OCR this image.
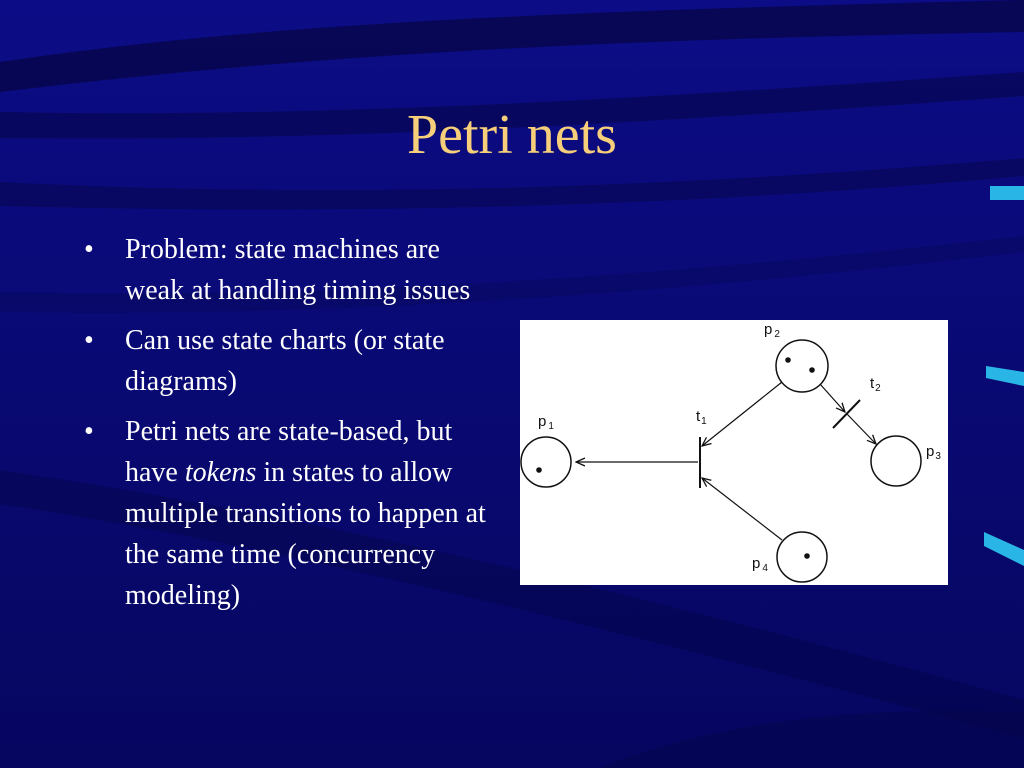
Petri nets
• Problem: state machines are weak at handling timing issues
• Can use state charts (or state diagrams)
• Petri nets are state-based, but have tokens in states to allow multiple transitions to happen at the same time (concurrency modeling)
p $_1$
p $_2$
$p_3$
p $_4$
$t_1$
$t_2$
